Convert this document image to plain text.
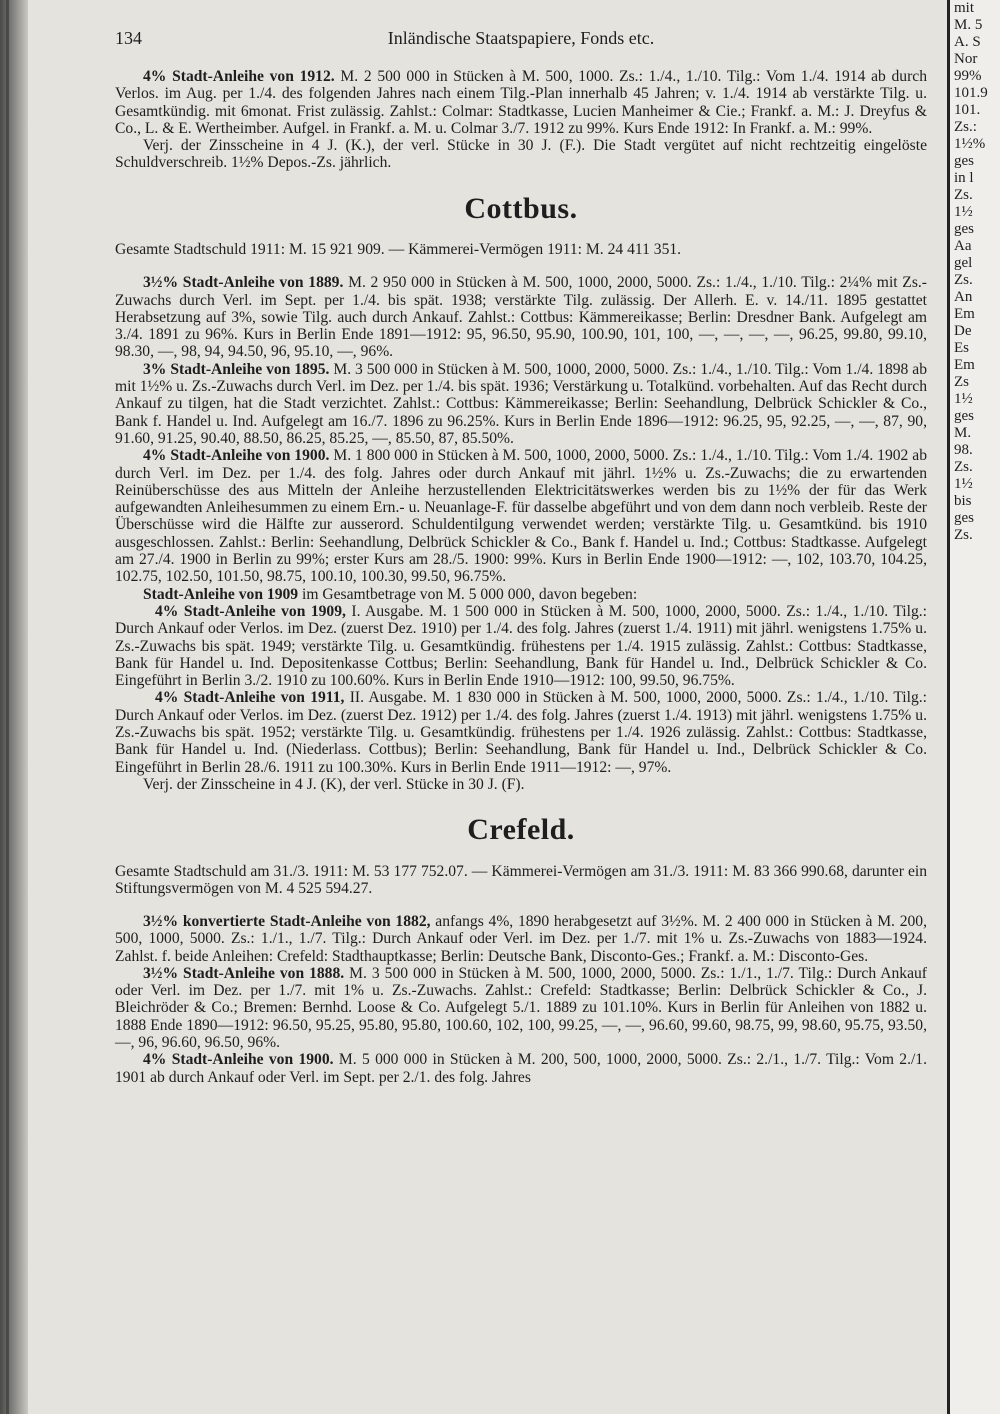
mit
M. 5
A. S
Nor
99%
101.9
101.
Zs.:
1½%
ges
in l
Zs.
1½
ges
Aa
gel
Zs.
An
Em
De
Es
Em
Zs
1½
ges
M.
98.
Zs.
1½
bis
ges
Zs.
134	Inländische Staatspapiere, Fonds etc.

4% Stadt-Anleihe von 1912. M. 2 500 000 in Stücken à M. 500, 1000. Zs.: 1./4., 1./10. Tilg.: Vom 1./4. 1914 ab durch Verlos. im Aug. per 1./4. des folgenden Jahres nach einem Tilg.-Plan innerhalb 45 Jahren; v. 1./4. 1914 ab verstärkte Tilg. u. Gesamtkündig. mit 6monat. Frist zulässig. Zahlst.: Colmar: Stadtkasse, Lucien Manheimer & Cie.; Frankf. a. M.: J. Dreyfus & Co., L. & E. Wertheimber. Aufgel. in Frankf. a. M. u. Colmar 3./7. 1912 zu 99%. Kurs Ende 1912: In Frankf. a. M.: 99%.

Verj. der Zinsscheine in 4 J. (K.), der verl. Stücke in 30 J. (F.). Die Stadt vergütet auf nicht rechtzeitig eingelöste Schuldverschreib. 1½% Depos.-Zs. jährlich.

Cottbus.

Gesamte Stadtschuld 1911: M. 15 921 909. — Kämmerei-Vermögen 1911: M. 24 411 351.

3½% Stadt-Anleihe von 1889. M. 2 950 000 in Stücken à M. 500, 1000, 2000, 5000. Zs.: 1./4., 1./10. Tilg.: 2¼% mit Zs.-Zuwachs durch Verl. im Sept. per 1./4. bis spät. 1938; verstärkte Tilg. zulässig. Der Allerh. E. v. 14./11. 1895 gestattet Herabsetzung auf 3%, sowie Tilg. auch durch Ankauf. Zahlst.: Cottbus: Kämmereikasse; Berlin: Dresdner Bank. Aufgelegt am 3./4. 1891 zu 96%. Kurs in Berlin Ende 1891—1912: 95, 96.50, 95.90, 100.90, 101, 100, —, —, —, —, 96.25, 99.80, 99.10, 98.30, —, 98, 94, 94.50, 96, 95.10, —, 96%.

3% Stadt-Anleihe von 1895. M. 3 500 000 in Stücken à M. 500, 1000, 2000, 5000. Zs.: 1./4., 1./10. Tilg.: Vom 1./4. 1898 ab mit 1½% u. Zs.-Zuwachs durch Verl. im Dez. per 1./4. bis spät. 1936; Verstärkung u. Totalkünd. vorbehalten. Auf das Recht durch Ankauf zu tilgen, hat die Stadt verzichtet. Zahlst.: Cottbus: Kämmereikasse; Berlin: Seehandlung, Delbrück Schickler & Co., Bank f. Handel u. Ind. Aufgelegt am 16./7. 1896 zu 96.25%. Kurs in Berlin Ende 1896—1912: 96.25, 95, 92.25, —, —, 87, 90, 91.60, 91.25, 90.40, 88.50, 86.25, 85.25, —, 85.50, 87, 85.50%.

4% Stadt-Anleihe von 1900. M. 1 800 000 in Stücken à M. 500, 1000, 2000, 5000. Zs.: 1./4., 1./10. Tilg.: Vom 1./4. 1902 ab durch Verl. im Dez. per 1./4. des folg. Jahres oder durch Ankauf mit jährl. 1½% u. Zs.-Zuwachs; die zu erwartenden Reinüberschüsse des aus Mitteln der Anleihe herzustellenden Elektricitätswerkes werden bis zu 1½% der für das Werk aufgewandten Anleihesummen zu einem Ern.- u. Neuanlage-F. für dasselbe abgeführt und von dem dann noch verbleib. Reste der Überschüsse wird die Hälfte zur ausserord. Schuldentilgung verwendet werden; verstärkte Tilg. u. Gesamtkünd. bis 1910 ausgeschlossen. Zahlst.: Berlin: Seehandlung, Delbrück Schickler & Co., Bank f. Handel u. Ind.; Cottbus: Stadtkasse. Aufgelegt am 27./4. 1900 in Berlin zu 99%; erster Kurs am 28./5. 1900: 99%. Kurs in Berlin Ende 1900—1912: —, 102, 103.70, 104.25, 102.75, 102.50, 101.50, 98.75, 100.10, 100.30, 99.50, 96.75%.

Stadt-Anleihe von 1909 im Gesamtbetrage von M. 5 000 000, davon begeben:

4% Stadt-Anleihe von 1909, I. Ausgabe. M. 1 500 000 in Stücken à M. 500, 1000, 2000, 5000. Zs.: 1./4., 1./10. Tilg.: Durch Ankauf oder Verlos. im Dez. (zuerst Dez. 1910) per 1./4. des folg. Jahres (zuerst 1./4. 1911) mit jährl. wenigstens 1.75% u. Zs.-Zuwachs bis spät. 1949; verstärkte Tilg. u. Gesamtkündig. frühestens per 1./4. 1915 zulässig. Zahlst.: Cottbus: Stadtkasse, Bank für Handel u. Ind. Depositenkasse Cottbus; Berlin: Seehandlung, Bank für Handel u. Ind., Delbrück Schickler & Co. Eingeführt in Berlin 3./2. 1910 zu 100.60%. Kurs in Berlin Ende 1910—1912: 100, 99.50, 96.75%.

4% Stadt-Anleihe von 1911, II. Ausgabe. M. 1 830 000 in Stücken à M. 500, 1000, 2000, 5000. Zs.: 1./4., 1./10. Tilg.: Durch Ankauf oder Verlos. im Dez. (zuerst Dez. 1912) per 1./4. des folg. Jahres (zuerst 1./4. 1913) mit jährl. wenigstens 1.75% u. Zs.-Zuwachs bis spät. 1952; verstärkte Tilg. u. Gesamtkündig. frühestens per 1./4. 1926 zulässig. Zahlst.: Cottbus: Stadtkasse, Bank für Handel u. Ind. (Niederlass. Cottbus); Berlin: Seehandlung, Bank für Handel u. Ind., Delbrück Schickler & Co. Eingeführt in Berlin 28./6. 1911 zu 100.30%. Kurs in Berlin Ende 1911—1912: —, 97%.

Verj. der Zinsscheine in 4 J. (K), der verl. Stücke in 30 J. (F).

Crefeld.

Gesamte Stadtschuld am 31./3. 1911: M. 53 177 752.07. — Kämmerei-Vermögen am 31./3. 1911: M. 83 366 990.68, darunter ein Stiftungsvermögen von M. 4 525 594.27.

3½% konvertierte Stadt-Anleihe von 1882, anfangs 4%, 1890 herabgesetzt auf 3½%. M. 2 400 000 in Stücken à M. 200, 500, 1000, 5000. Zs.: 1./1., 1./7. Tilg.: Durch Ankauf oder Verl. im Dez. per 1./7. mit 1% u. Zs.-Zuwachs von 1883—1924. Zahlst. f. beide Anleihen: Crefeld: Stadthauptkasse; Berlin: Deutsche Bank, Disconto-Ges.; Frankf. a. M.: Disconto-Ges.

3½% Stadt-Anleihe von 1888. M. 3 500 000 in Stücken à M. 500, 1000, 2000, 5000. Zs.: 1./1., 1./7. Tilg.: Durch Ankauf oder Verl. im Dez. per 1./7. mit 1% u. Zs.-Zuwachs. Zahlst.: Crefeld: Stadtkasse; Berlin: Delbrück Schickler & Co., J. Bleichröder & Co.; Bremen: Bernhd. Loose & Co. Aufgelegt 5./1. 1889 zu 101.10%. Kurs in Berlin für Anleihen von 1882 u. 1888 Ende 1890—1912: 96.50, 95.25, 95.80, 95.80, 100.60, 102, 100, 99.25, —, —, 96.60, 99.60, 98.75, 99, 98.60, 95.75, 93.50, —, 96, 96.60, 96.50, 96%.

4% Stadt-Anleihe von 1900. M. 5 000 000 in Stücken à M. 200, 500, 1000, 2000, 5000. Zs.: 2./1., 1./7. Tilg.: Vom 2./1. 1901 ab durch Ankauf oder Verl. im Sept. per 2./1. des folg. Jahres
